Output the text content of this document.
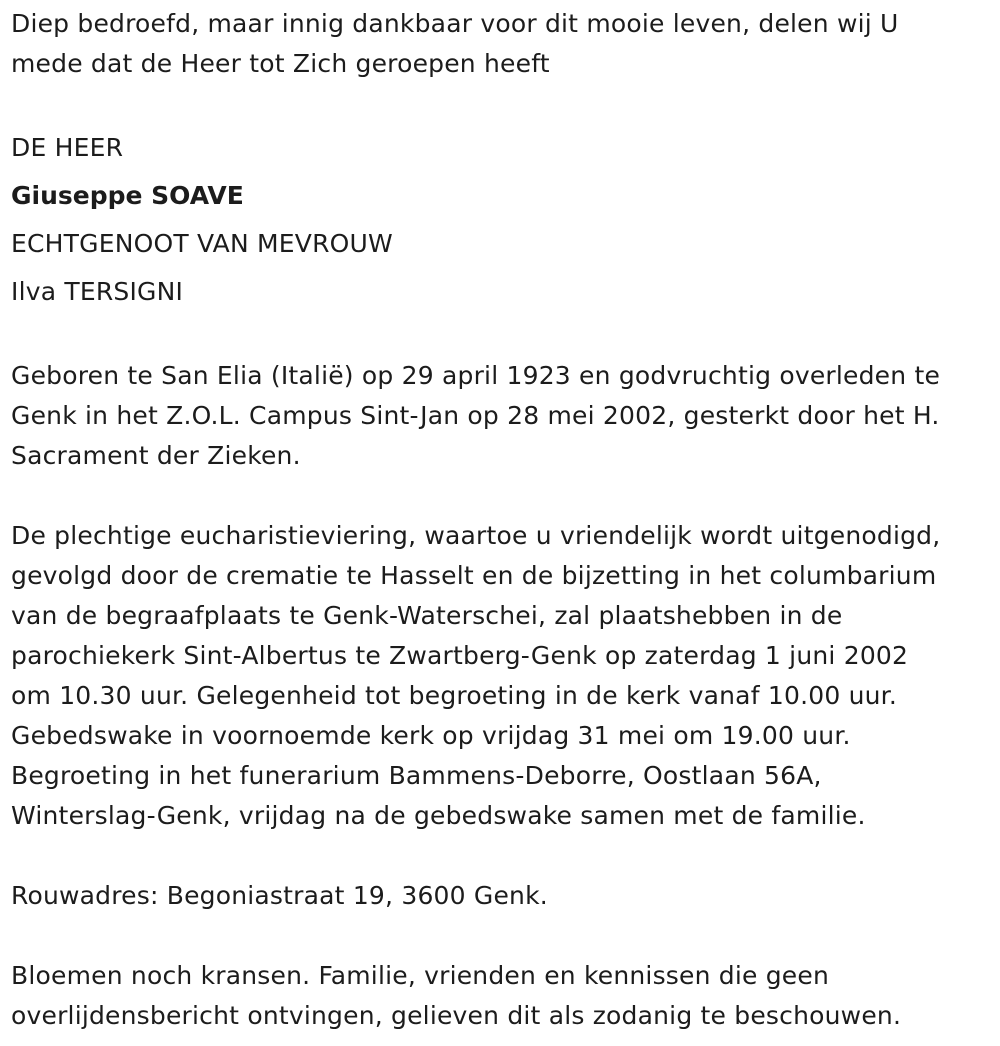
Diep bedroefd, maar innig dankbaar voor dit mooie leven, delen wij U
mede dat de Heer tot Zich geroepen heeft
DE HEER
Giuseppe SOAVE
ECHTGENOOT VAN MEVROUW
Ilva TERSIGNI
Geboren te San Elia (Italië) op 29 april 1923 en godvruchtig overleden te
Genk in het Z.O.L. Campus Sint-Jan op 28 mei 2002, gesterkt door het H.
Sacrament der Zieken.
De plechtige eucharistieviering, waartoe u vriendelijk wordt uitgenodigd,
gevolgd door de crematie te Hasselt en de bijzetting in het columbarium
van de begraafplaats te Genk-Waterschei, zal plaatshebben in de
parochiekerk Sint-Albertus te Zwartberg-Genk op zaterdag 1 juni 2002
om 10.30 uur. Gelegenheid tot begroeting in de kerk vanaf 10.00 uur.
Gebedswake in voornoemde kerk op vrijdag 31 mei om 19.00 uur.
Begroeting in het funerarium Bammens-Deborre, Oostlaan 56A,
Winterslag-Genk, vrijdag na de gebedswake samen met de familie.
Rouwadres: Begoniastraat 19, 3600 Genk.
Bloemen noch kransen. Familie, vrienden en kennissen die geen
overlijdensbericht ontvingen, gelieven dit als zodanig te beschouwen.
